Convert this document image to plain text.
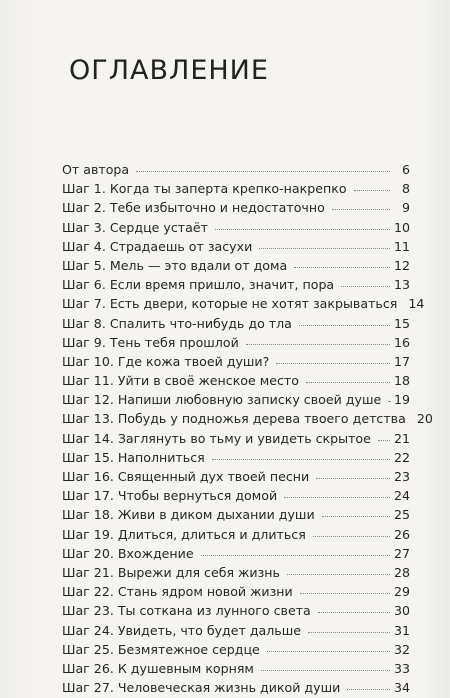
ОГЛАВЛЕНИЕ
От автора	6
Шаг 1. Когда ты заперта крепко-накрепко	8
Шаг 2. Тебе избыточно и недостаточно	9
Шаг 3. Сердце устаёт	10
Шаг 4. Страдаешь от засухи	11
Шаг 5. Мель — это вдали от дома	12
Шаг 6. Если время пришло, значит, пора	13
Шаг 7. Есть двери, которые не хотят закрываться 14
Шаг 8. Спалить что-нибудь до тла	15
Шаг 9. Тень тебя прошлой	16
Шаг 10. Где кожа твоей души?	17
Шаг 11. Уйти в своё женское место	18
Шаг 12. Напиши любовную записку своей душе 19
Шаг 13. Побудь у подножья дерева твоего детства 20
Шаг 14. Заглянуть во тьму и увидеть скрытое 21
Шаг 15. Наполниться	22
Шаг 16. Священный дух твоей песни	23
Шаг 17. Чтобы вернуться домой	24
Шаг 18. Живи в диком дыхании души	25
Шаг 19. Длиться, длиться и длиться	26
Шаг 20. Вхождение	27
Шаг 21. Вырежи для себя жизнь	28
Шаг 22. Стань ядром новой жизни	29
Шаг 23. Ты соткана из лунного света	30
Шаг 24. Увидеть, что будет дальше	31
Шаг 25. Безмятежное сердце	32
Шаг 26. К душевным корням	33
Шаг 27. Человеческая жизнь дикой души	34
